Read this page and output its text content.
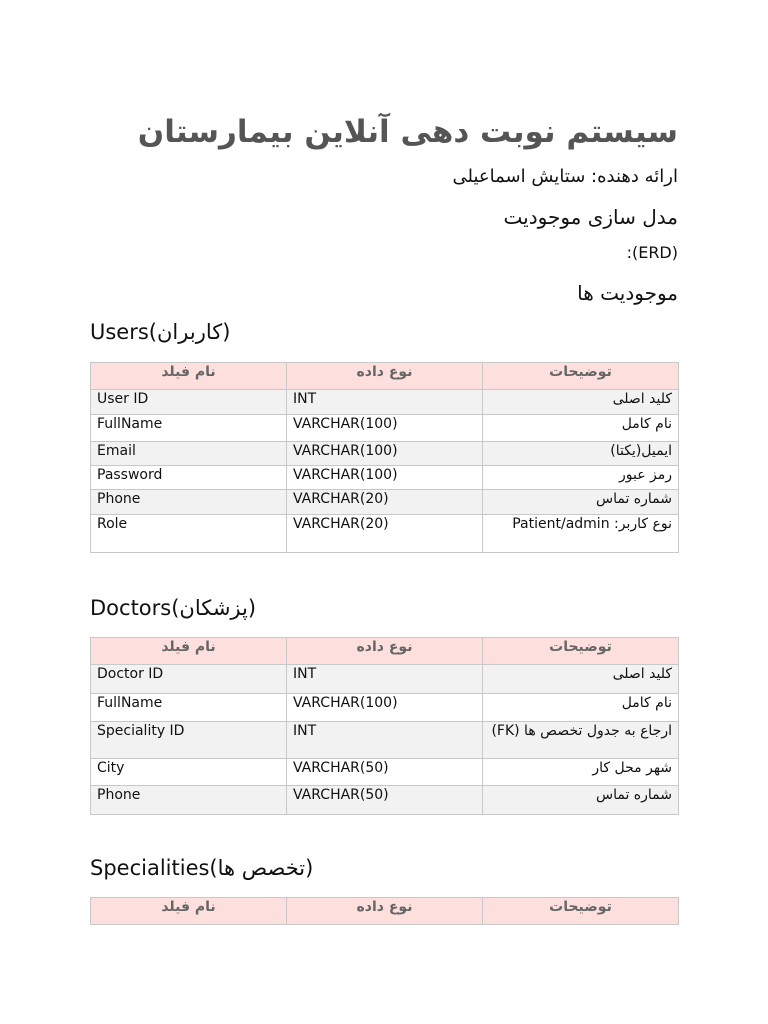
سیستم نوبت دهی آنلاین بیمارستان

ارائه دهنده: ستایش اسماعیلی

مدل سازی موجودیت

(ERD):

موجودیت ها
Users(کاربران)
نام فیلد	نوع داده	توضیحات
User ID	INT	کلید اصلی
FullName	VARCHAR(100)	نام کامل
Email	VARCHAR(100)	ایمیل(یکتا)
Password	VARCHAR(100)	رمز عبور
Phone	VARCHAR(20)	شماره تماس
Role	VARCHAR(20)	نوع کاربر: Patient/admin
Doctors(پزشکان)
نام فیلد	نوع داده	توضیحات
Doctor ID	INT	کلید اصلی
FullName	VARCHAR(100)	نام کامل
Speciality ID	INT	ارجاع به جدول تخصص ها (FK)
City	VARCHAR(50)	شهر محل کار
Phone	VARCHAR(50)	شماره تماس
Specialities(تخصص ها)
نام فیلد	نوع داده	توضیحات
